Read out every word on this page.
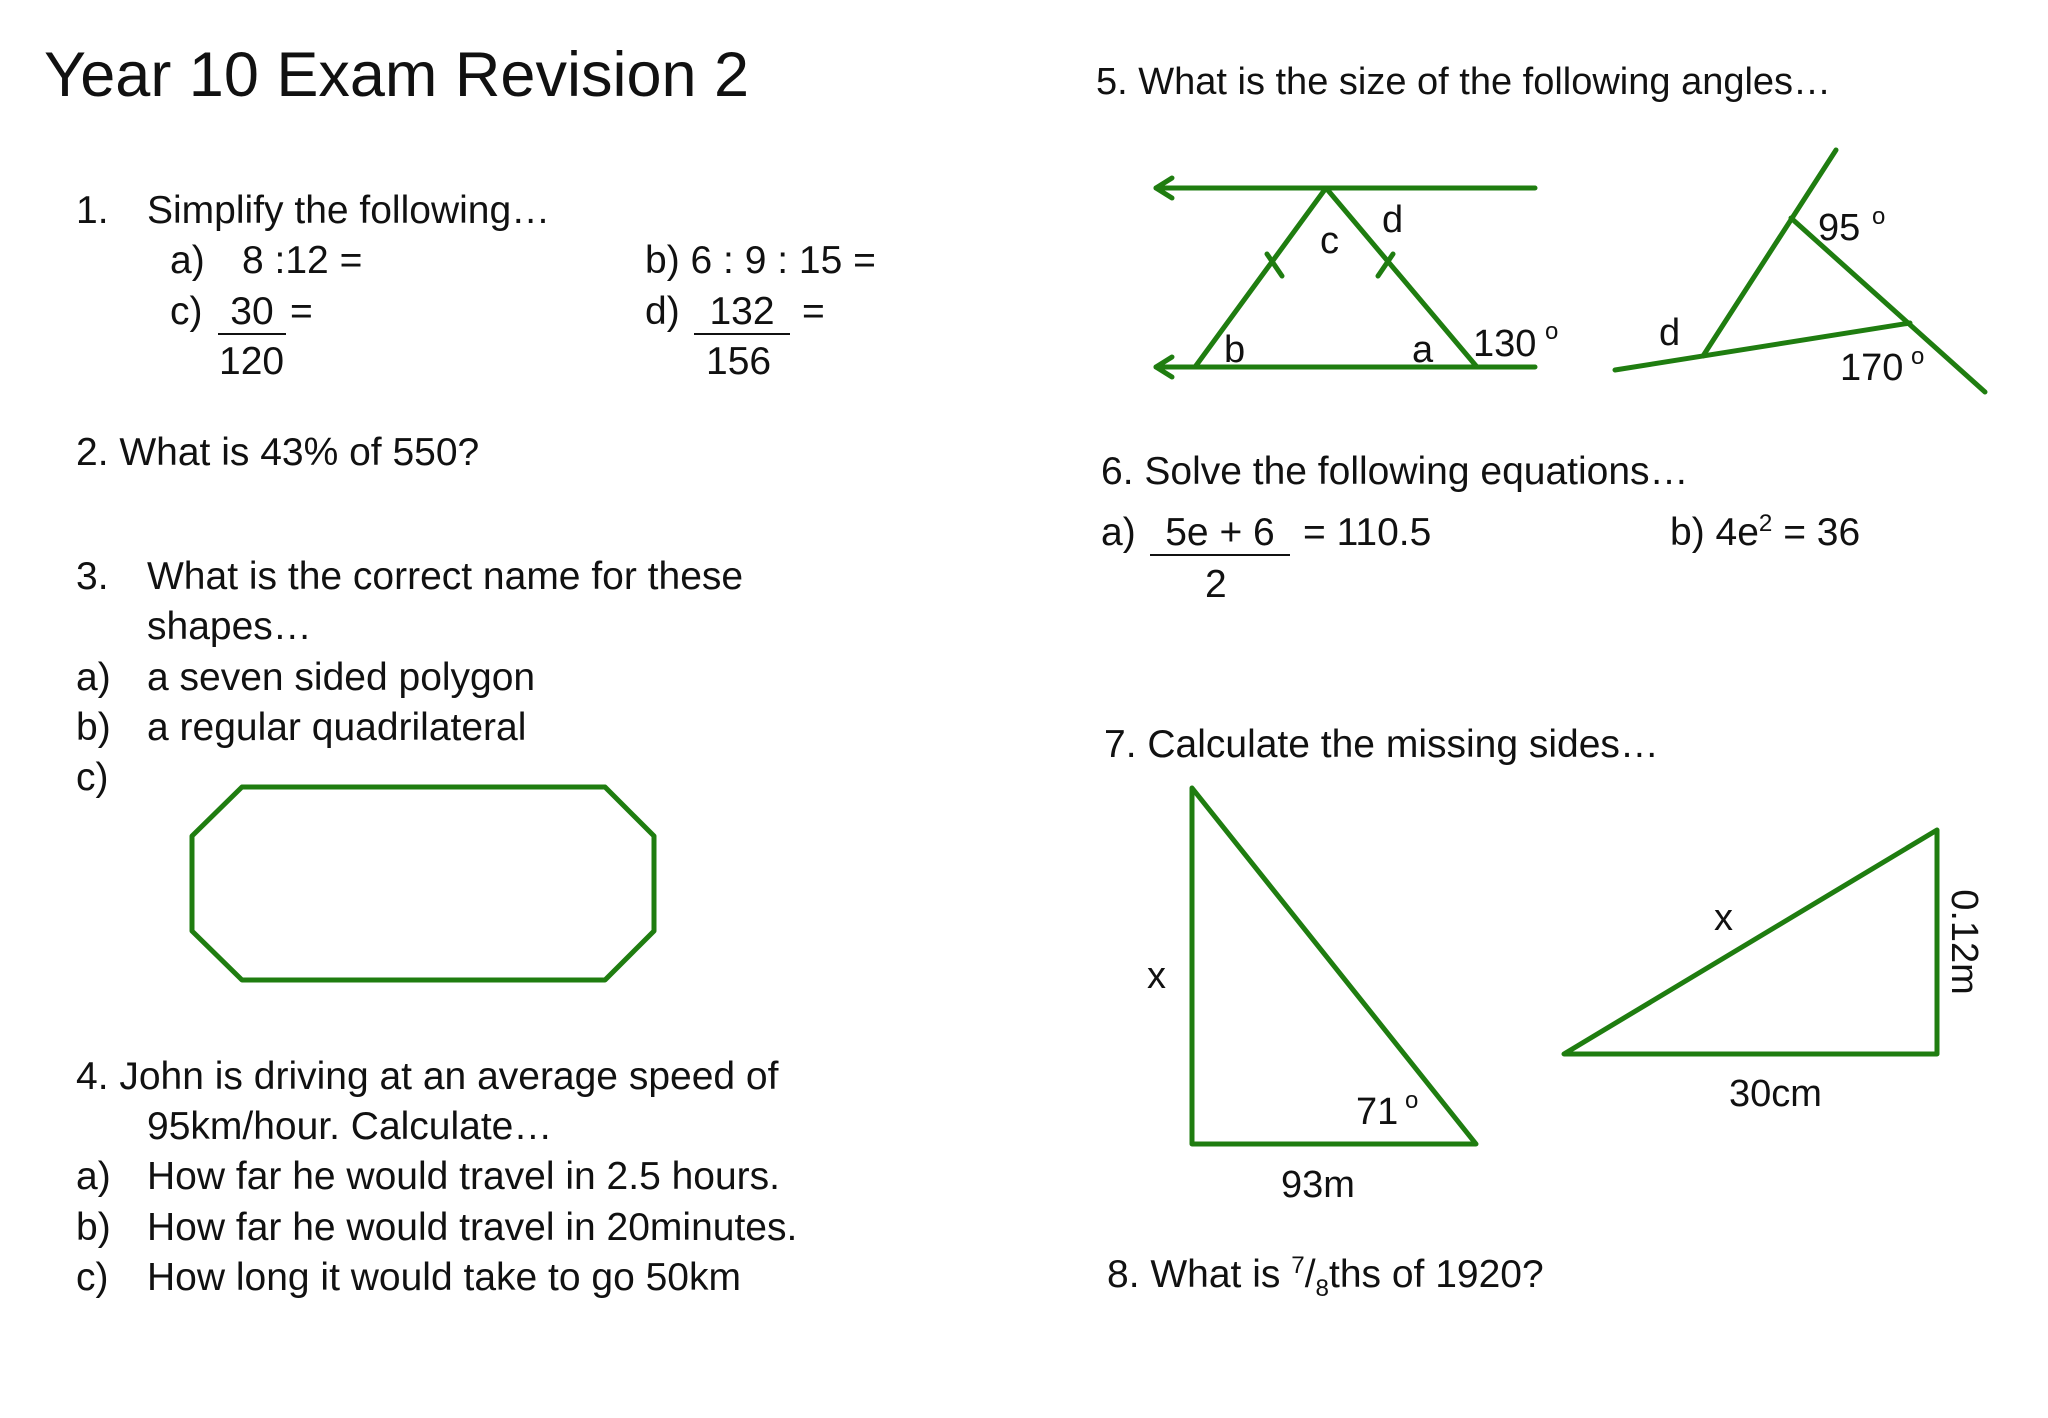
Year 10 Exam Revision 2
1. Simplify the following…
a) 8 :12 =	b) 6 : 9 : 15 =
c) 30 =
120
d) 132 =
156
2. What is 43% of 550?
3. What is the correct name for these
shapes…
a) a seven sided polygon
b) a regular quadrilateral
c)
4. John is driving at an average speed of
95km/hour. Calculate…
a) How far he would travel in 2.5 hours.
b) How far he would travel in 20minutes.
c) How long it would take to go 50km
5. What is the size of the following angles…
6. Solve the following equations…
a) 5e + 6 = 110.5
2
b) $4e^2 = 36$
7. Calculate the missing sides…
8. What is $^7/_8ths$ of 1920?
c d
b	a 130 o
95 o
d
170 o
x
71 o
93m
x	0.12m
30cm
